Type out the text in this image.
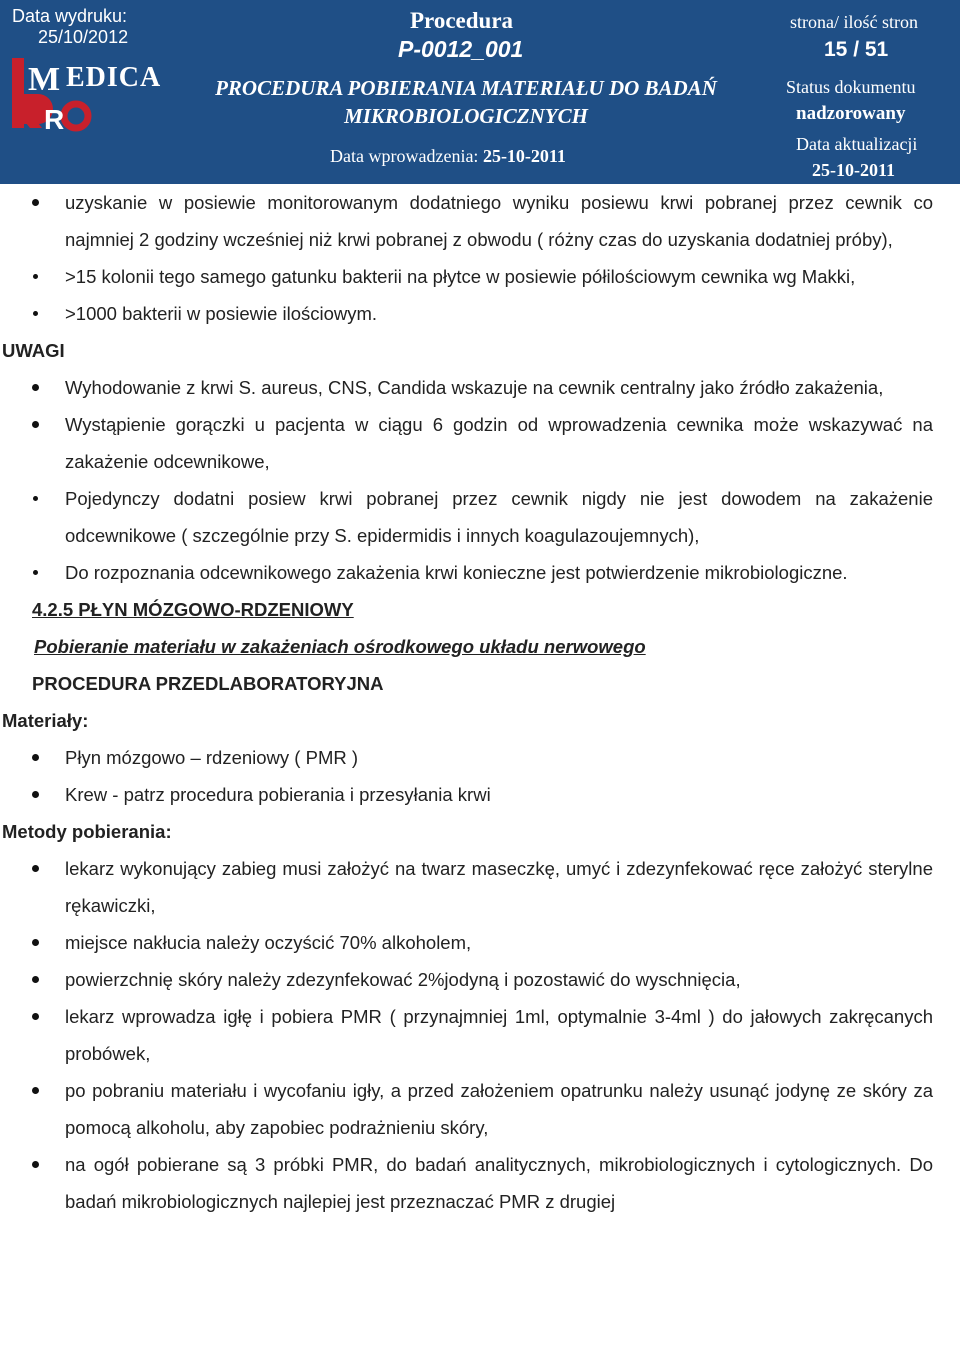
Data wydruku:
25/10/2012
M EDICA
R
Procedura
P-0012_001
PROCEDURA POBIERANIA MATERIAŁU DO BADAŃ
MIKROBIOLOGICZNYCH
Data wprowadzenia: 25-10-2011
strona/ ilość stron
15 / 51
Status dokumentu
nadzorowany
Data aktualizacji
25-10-2011
uzyskanie w posiewie monitorowanym dodatniego wyniku posiewu krwi pobranej przez cewnik co najmniej 2 godziny wcześniej niż krwi pobranej z obwodu ( różny czas do uzyskania dodatniej próby),
>15 kolonii tego samego gatunku bakterii na płytce w posiewie półilościowym cewnika wg Makki,
>1000 bakterii w posiewie ilościowym.
UWAGI
Wyhodowanie z krwi S. aureus, CNS, Candida wskazuje na cewnik centralny jako źródło zakażenia,
Wystąpienie gorączki u pacjenta w ciągu 6 godzin od wprowadzenia cewnika może wskazywać na zakażenie odcewnikowe,
Pojedynczy dodatni posiew krwi pobranej przez cewnik nigdy nie jest dowodem na zakażenie odcewnikowe ( szczególnie przy S. epidermidis i innych koagulazoujemnych),
Do rozpoznania odcewnikowego zakażenia krwi konieczne jest potwierdzenie mikrobiologiczne.
4.2.5 PŁYN MÓZGOWO-RDZENIOWY
Pobieranie materiału w zakażeniach ośrodkowego układu nerwowego
PROCEDURA PRZEDLABORATORYJNA
Materiały:
Płyn mózgowo – rdzeniowy ( PMR )
Krew - patrz procedura pobierania i przesyłania krwi
Metody pobierania:
lekarz wykonujący zabieg musi założyć na twarz maseczkę, umyć i zdezynfekować ręce założyć sterylne rękawiczki,
miejsce nakłucia należy oczyścić 70% alkoholem,
powierzchnię skóry należy zdezynfekować 2%jodyną i pozostawić do wyschnięcia,
lekarz wprowadza igłę i pobiera PMR ( przynajmniej 1ml, optymalnie 3-4ml ) do jałowych zakręcanych probówek,
po pobraniu materiału i wycofaniu igły, a przed założeniem opatrunku należy usunąć jodynę ze skóry za pomocą alkoholu, aby zapobiec podrażnieniu skóry,
na ogół pobierane są 3 próbki PMR, do badań analitycznych, mikrobiologicznych i cytologicznych. Do badań mikrobiologicznych najlepiej jest przeznaczać PMR z drugiej
